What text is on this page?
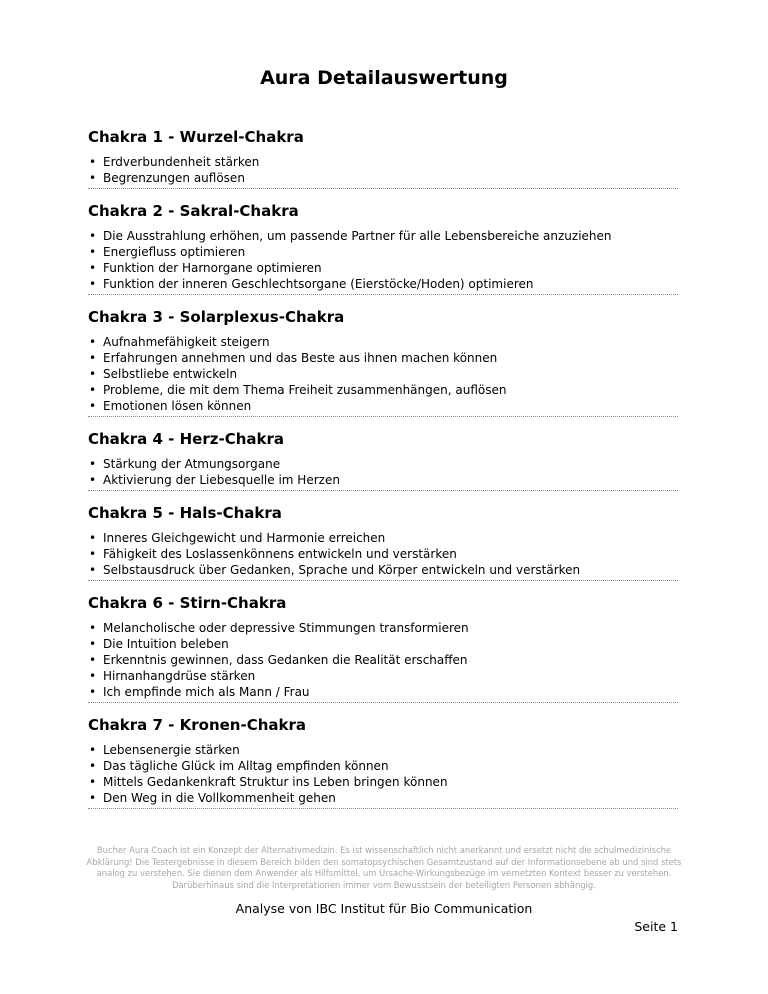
Aura Detailauswertung
Chakra 1 - Wurzel-Chakra
• Erdverbundenheit stärken
• Begrenzungen auflösen
Chakra 2 - Sakral-Chakra
• Die Ausstrahlung erhöhen, um passende Partner für alle Lebensbereiche anzuziehen
• Energiefluss optimieren
• Funktion der Harnorgane optimieren
• Funktion der inneren Geschlechtsorgane (Eierstöcke/Hoden) optimieren
Chakra 3 - Solarplexus-Chakra
• Aufnahmefähigkeit steigern
• Erfahrungen annehmen und das Beste aus ihnen machen können
• Selbstliebe entwickeln
• Probleme, die mit dem Thema Freiheit zusammenhängen, auflösen
• Emotionen lösen können
Chakra 4 - Herz-Chakra
• Stärkung der Atmungsorgane
• Aktivierung der Liebesquelle im Herzen
Chakra 5 - Hals-Chakra
• Inneres Gleichgewicht und Harmonie erreichen
• Fähigkeit des Loslassenkönnens entwickeln und verstärken
• Selbstausdruck über Gedanken, Sprache und Körper entwickeln und verstärken
Chakra 6 - Stirn-Chakra
• Melancholische oder depressive Stimmungen transformieren
• Die Intuition beleben
• Erkenntnis gewinnen, dass Gedanken die Realität erschaffen
• Hirnanhangdrüse stärken
• Ich empfinde mich als Mann / Frau
Chakra 7 - Kronen-Chakra
• Lebensenergie stärken
• Das tägliche Glück im Alltag empfinden können
• Mittels Gedankenkraft Struktur ins Leben bringen können
• Den Weg in die Vollkommenheit gehen
Bucher Aura Coach ist ein Konzept der Alternativmedizin. Es ist wissenschaftlich nicht anerkannt und ersetzt nicht die schulmedizinische Abklärung! Die Testergebnisse in diesem Bereich bilden den somatopsychischen Gesamtzustand auf der Informationsebene ab und sind stets analog zu verstehen. Sie dienen dem Anwender als Hilfsmittel, um Ursache-Wirkungsbezüge im vernetzten Kontext besser zu verstehen. Darüberhinaus sind die Interpretationen immer vom Bewusstsein der beteiligten Personen abhängig.
Analyse von IBC Institut für Bio Communication
Seite 1
